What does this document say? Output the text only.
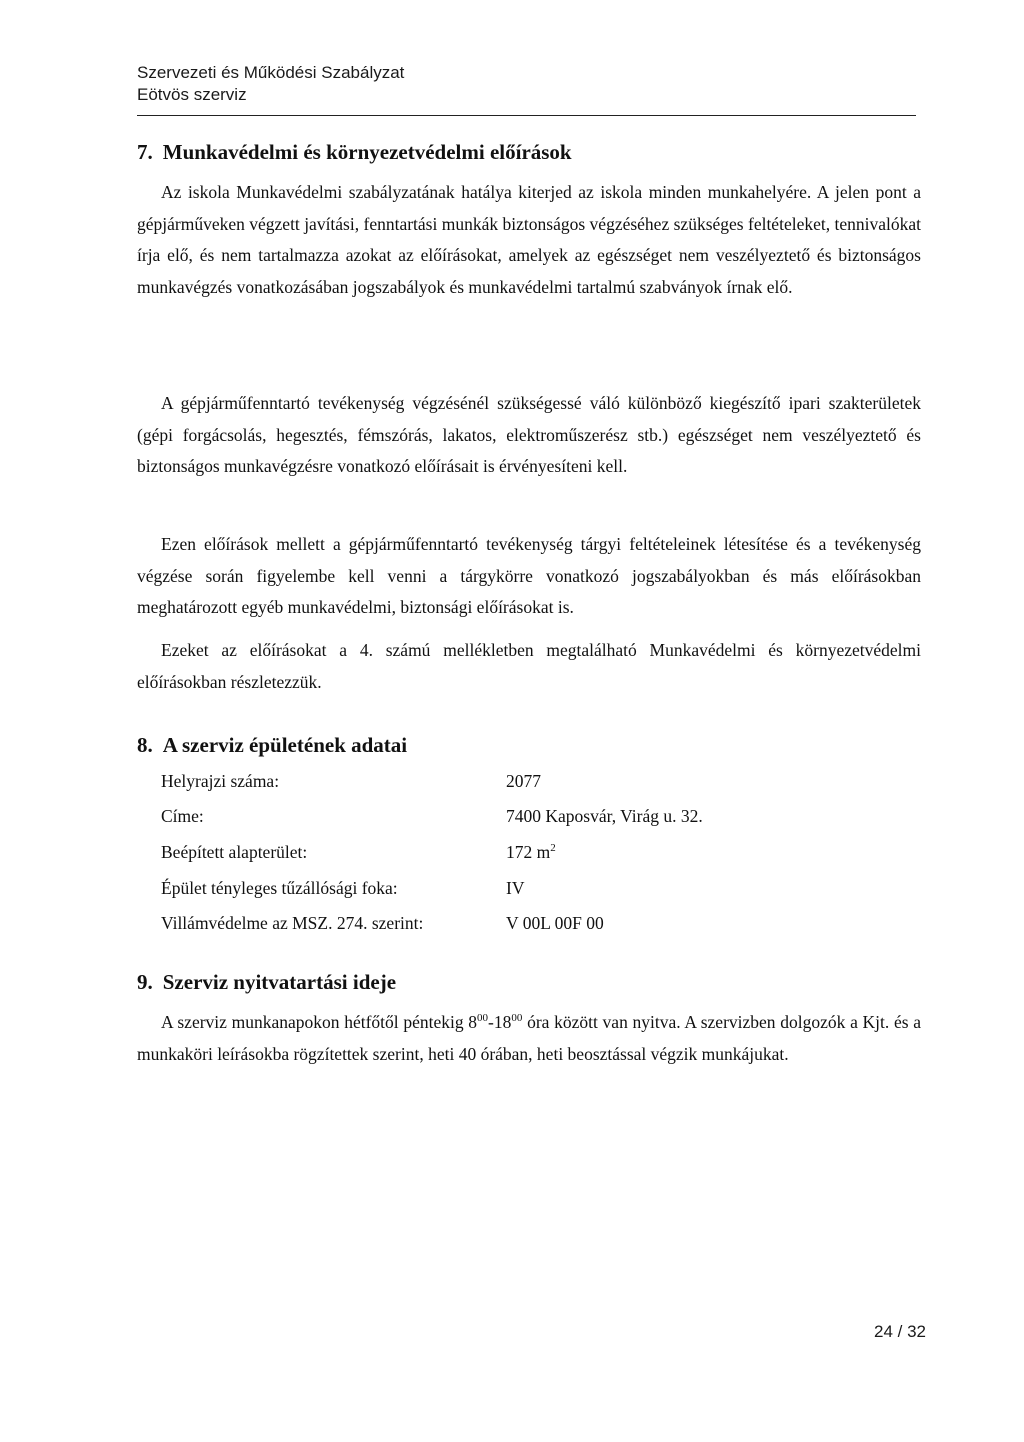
Szervezeti és Működési Szabályzat
Eötvös szerviz
7. Munkavédelmi és környezetvédelmi előírások
Az iskola Munkavédelmi szabályzatának hatálya kiterjed az iskola minden munkahelyére. A jelen pont a gépjárműveken végzett javítási, fenntartási munkák biztonságos végzéséhez szükséges feltételeket, tennivalókat írja elő, és nem tartalmazza azokat az előírásokat, amelyek az egészséget nem veszélyeztető és biztonságos munkavégzés vonatkozásában jogszabályok és munkavédelmi tartalmú szabványok írnak elő.
A gépjárműfenntartó tevékenység végzésénél szükségessé váló különböző kiegészítő ipari szakterületek (gépi forgácsolás, hegesztés, fémszórás, lakatos, elektroműszerész stb.) egészséget nem veszélyeztető és biztonságos munkavégzésre vonatkozó előírásait is érvényesíteni kell.
Ezen előírások mellett a gépjárműfenntartó tevékenység tárgyi feltételeinek létesítése és a tevékenység végzése során figyelembe kell venni a tárgykörre vonatkozó jogszabályokban és más előírásokban meghatározott egyéb munkavédelmi, biztonsági előírásokat is.
Ezeket az előírásokat a 4. számú mellékletben megtalálható Munkavédelmi és környezetvédelmi előírásokban részletezzük.
8. A szerviz épületének adatai
Helyrajzi száma:	2077
Címe:	7400 Kaposvár, Virág u. 32.
Beépített alapterület:	172 $m^2$
Épület tényleges tűzállósági foka:	IV
Villámvédelme az MSZ. 274. szerint:	V 00L 00F 00
9. Szerviz nyitvatartási ideje
A szerviz munkanapokon hétfőtől péntekig $8^{00}-18^{00}$ óra között van nyitva. A szervizben dolgozók a Kjt. és a munkaköri leírásokba rögzítettek szerint, heti 40 órában, heti beosztással végzik munkájukat.
24 / 32
